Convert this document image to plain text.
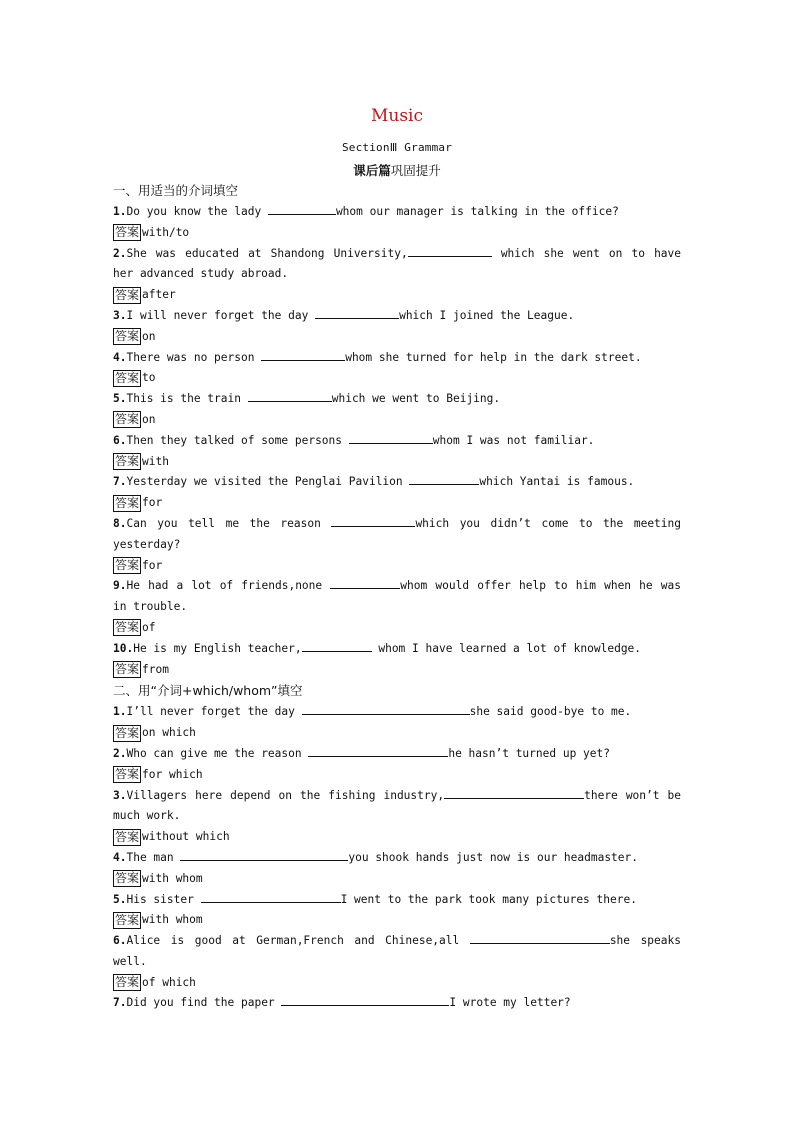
Music
SectionⅢ Grammar
课后篇巩固提升
一、用适当的介词填空
1.Do you know the lady	whom our manager is talking in the office?
答案 with/to
2.She was educated at Shandong University,	which she went on to have her advanced study abroad.
答案 after
3.I will never forget the day	which I joined the League.
答案 on
4.There was no person	whom she turned for help in the dark street.
答案 to
5.This is the train	which we went to Beijing.
答案 on
6.Then they talked of some persons	whom I was not familiar.
答案 with
7.Yesterday we visited the Penglai Pavilion	which Yantai is famous.
答案 for
8.Can you tell me the reason	which you didn’t come to the meeting yesterday?
答案 for
9.He had a lot of friends,none	whom would offer help to him when he was in trouble.
答案 of
10.He is my English teacher,	whom I have learned a lot of knowledge.
答案 from
二、用“介词+which/whom”填空
1.I’ll never forget the day	she said good-bye to me.
答案 on which
2.Who can give me the reason	he hasn’t turned up yet?
答案 for which
3.Villagers here depend on the fishing industry,	there won’t be much work.
答案 without which
4.The man	you shook hands just now is our headmaster.
答案 with whom
5.His sister	I went to the park took many pictures there.
答案 with whom
6.Alice is good at German,French and Chinese,all	she speaks well.
答案 of which
7.Did you find the paper	I wrote my letter?
